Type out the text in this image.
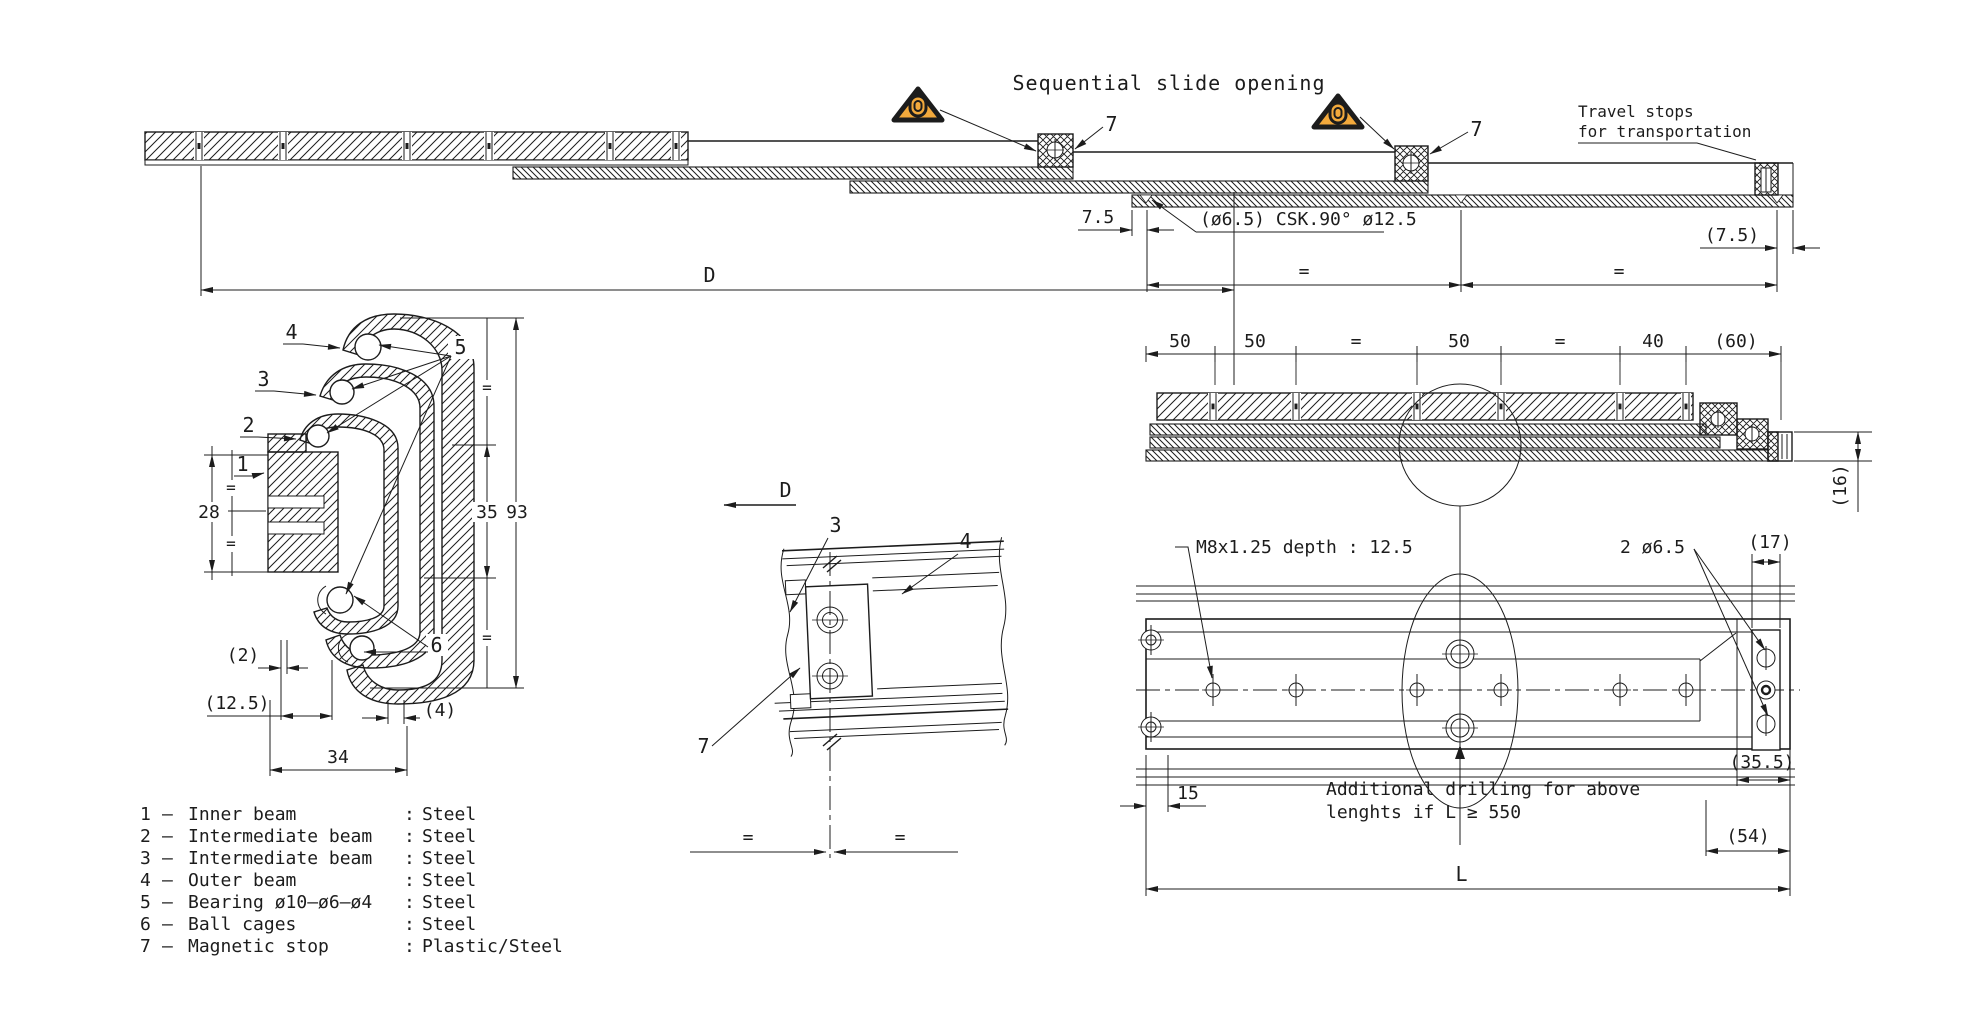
Sequential slide opening
7	7
Travel stops
for transportation
7.5	(ø6.5) CSK.90° ø12.5
(7.5)
=	=
D
4
3
2
1
5
6
28
=
=
=
35 93
=
(2)
(12.5)	(4)
34
D
3
4
7
=	=
50	50	=	50	=	40	(60)
(16)
M8x1.25 depth : 12.5	2 ø6.5	(17)
15	Additional drilling for above
lenghts if L ≥ 550
(35.5)
(54)
L
1 – Inner beam	: Steel
2 – Intermediate beam : Steel
3 – Intermediate beam : Steel
4 – Outer beam	: Steel
5 – Bearing ø10–ø6–ø4 : Steel
6 – Ball cages	: Steel
7 – Magnetic stop	: Plastic/Steel
